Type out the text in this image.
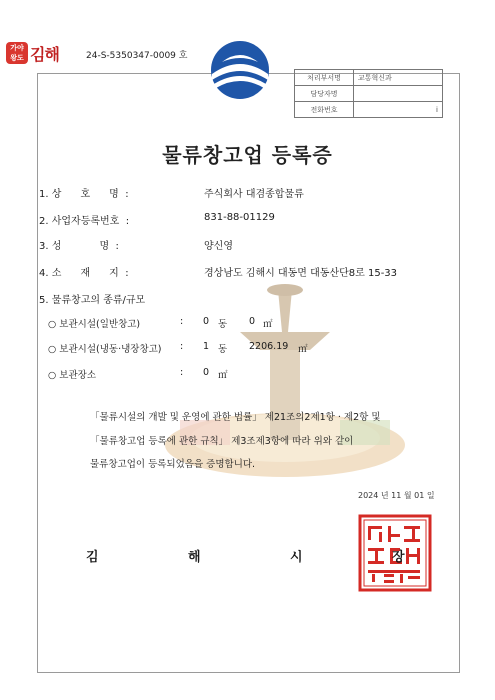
가야 왕도 김해	24-S-5350347-0009 호
처리부서명	교통혁신과
담당자명	
전화번호	i
물류창고업 등록증
1. 상      호      명  :	주식회사 대겸종합물류
2. 사업자등록번호  :	831-88-01129
3. 성            명  :	양신영
4. 소      재      지  :	경상남도 김해시 대동면 대동산단8로 15-33
5. 물류창고의 종류/규모
○ 보관시설(일반창고)	: 0 동 0 ㎡
○ 보관시설(냉동·냉장창고) : 1 동 2206.19 ㎡
○ 보관장소	: 0 ㎡
「물류시설의 개발 및 운영에 관한 법률」 제21조의2제1항 · 제2항 및
「물류창고업 등록에 관한 규칙」 제3조제3항에 따라 위와 같이
물류창고업이 등록되었음을 증명합니다.
2024 년 11 월 01 일
김	해	시	장
